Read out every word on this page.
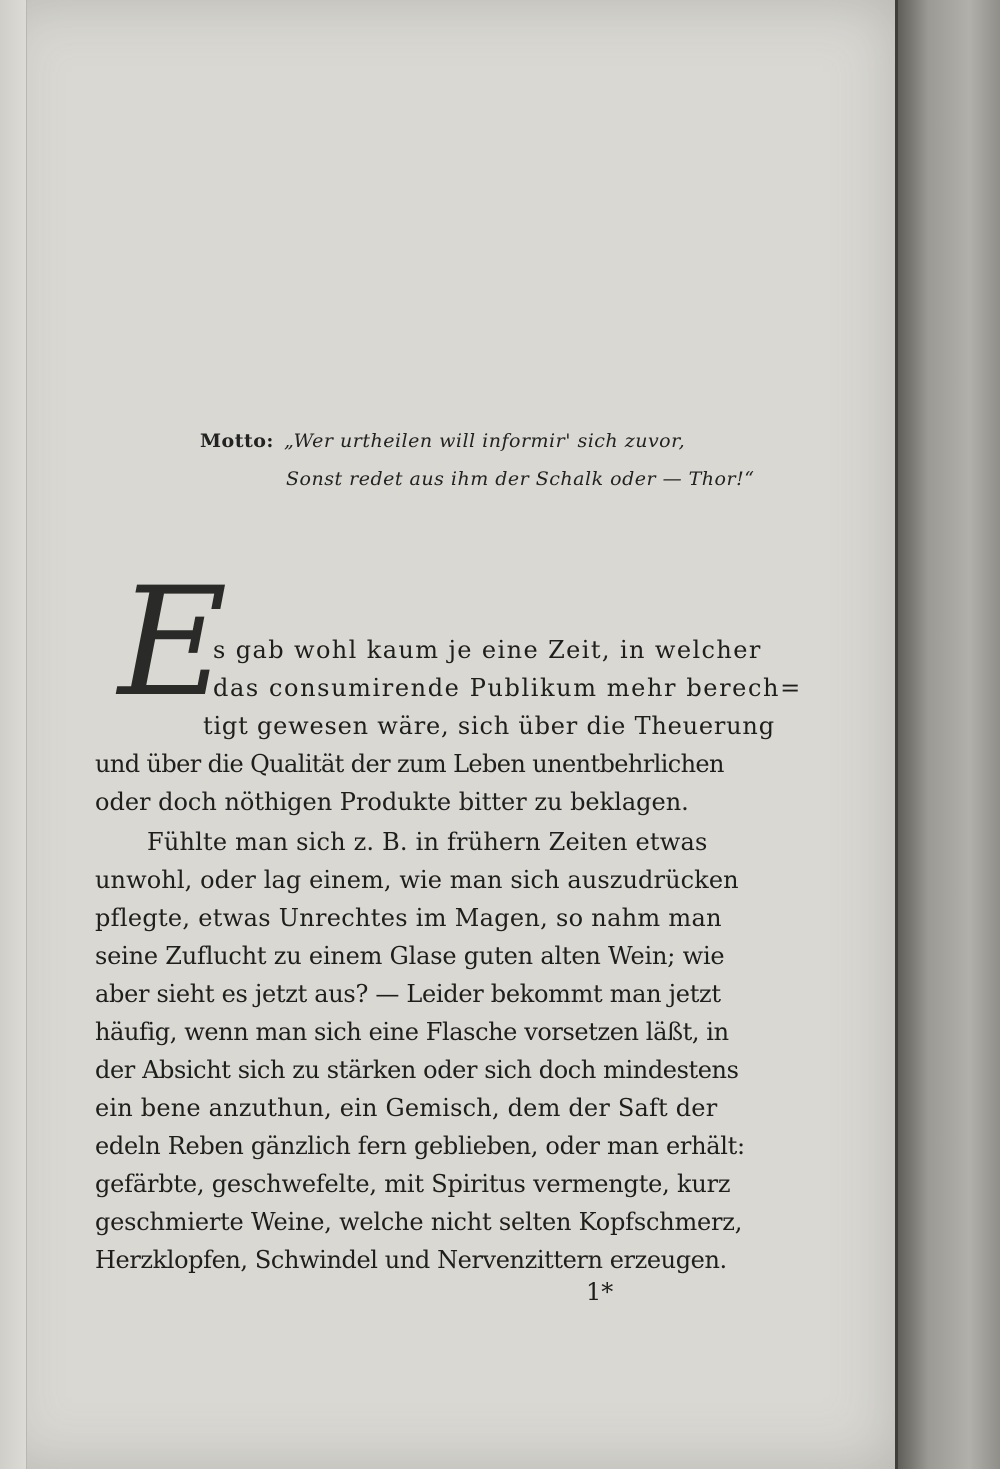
Motto: „Wer urtheilen will informir' sich zuvor,
Sonst redet aus ihm der Schalk oder — Thor!“
E
s gab wohl kaum je eine Zeit, in welcher
das consumirende Publikum mehr berech=
tigt gewesen wäre, sich über die Theuerung
und über die Qualität der zum Leben unentbehrlichen
oder doch nöthigen Produkte bitter zu beklagen.
Fühlte man sich z. B. in frühern Zeiten etwas
unwohl, oder lag einem, wie man sich auszudrücken
pflegte, etwas Unrechtes im Magen, so nahm man
seine Zuflucht zu einem Glase guten alten Wein; wie
aber sieht es jetzt aus? — Leider bekommt man jetzt
häufig, wenn man sich eine Flasche vorsetzen läßt, in
der Absicht sich zu stärken oder sich doch mindestens
ein bene anzuthun, ein Gemisch, dem der Saft der
edeln Reben gänzlich fern geblieben, oder man erhält:
gefärbte, geschwefelte, mit Spiritus vermengte, kurz
geschmierte Weine, welche nicht selten Kopfschmerz,
Herzklopfen, Schwindel und Nervenzittern erzeugen.
1*
